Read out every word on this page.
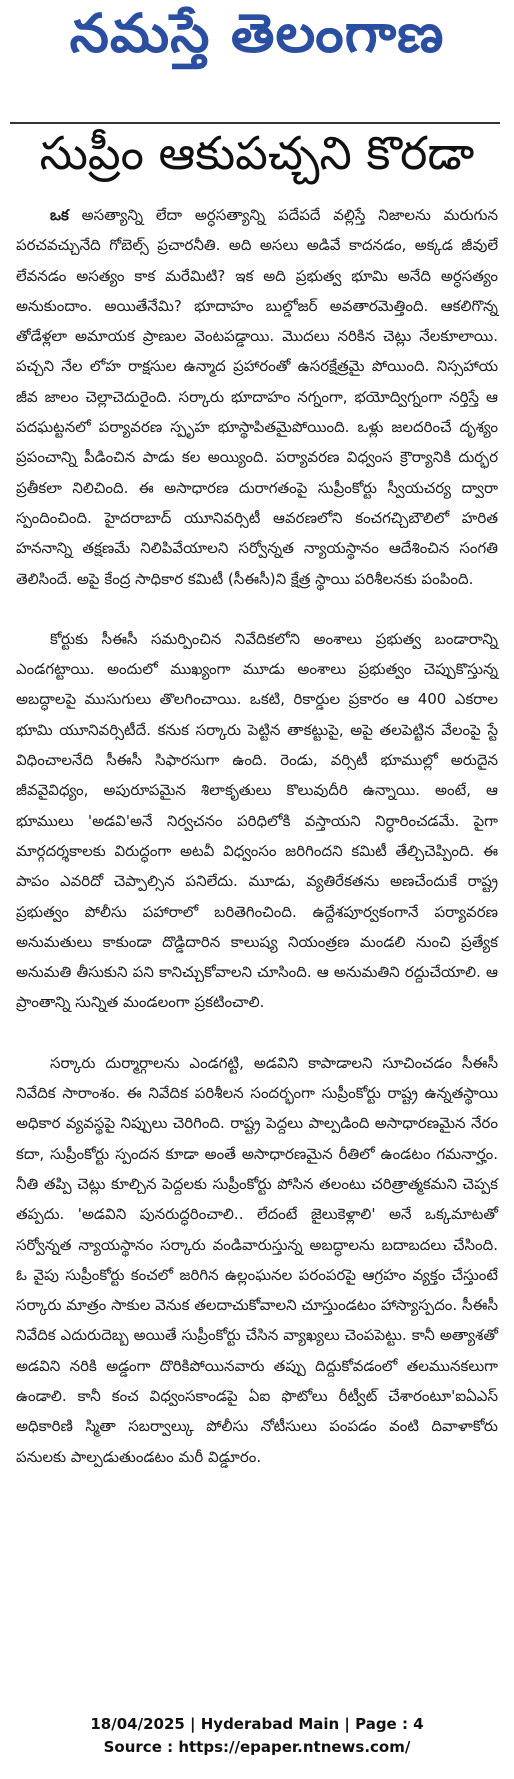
నమస్తే తెలంగాణ
సుప్రీం ఆకుపచ్చని కొరడా

ఒక అసత్యాన్ని లేదా అర్ధసత్యాన్ని పదేపదే వల్లిస్తే నిజాలను మరుగున పరచవచ్చునేది గోబెల్స్ ప్రచారనీతి. అది అసలు అడివే కాదనడం, అక్కడ జీవులే లేవనడం అసత్యం కాక మరేమిటి? ఇక అది ప్రభుత్వ భూమి అనేది అర్ధసత్యం అనుకుందాం. అయితేనేమి? భూదాహం బుల్డోజర్ అవతారమెత్తింది. ఆకలిగొన్న తోడేళ్లలా అమాయక ప్రాణుల వెంటపడ్డాయి. మొదలు నరికిన చెట్లు నేలకూలాయి. పచ్చని నేల లోహ రాక్షసుల ఉన్మాద ప్రహారంతో ఉసరక్షేత్రమై పోయింది. నిస్సహాయ జీవ జాలం చెల్లాచెదురైంది. సర్కారు భూదాహం నగ్నంగా, భయోద్విగ్నంగా నర్తిస్తే ఆ పదఘట్టనలో పర్యావరణ స్పృహ భూస్థాపితమైపోయింది. ఒళ్లు జలదరించే దృశ్యం ప్రపంచాన్ని పీడించిన పాడు కల అయ్యింది. పర్యావరణ విధ్వంస క్రౌర్యానికి దుర్భర ప్రతీకలా నిలిచింది. ఈ అసాధారణ దురాగతంపై సుప్రీంకోర్టు స్వీయచర్య ద్వారా స్పందించింది. హైదరాబాద్ యూనివర్సిటీ ఆవరణలోని కంచగచ్చిబౌలిలో హరిత హననాన్ని తక్షణమే నిలిపివేయాలని సర్వోన్నత న్యాయస్థానం ఆదేశించిన సంగతి తెలిసిందే. అపై కేంద్ర సాధికార కమిటీ (సీఈసీ)ని క్షేత్ర స్థాయి పరిశీలనకు పంపింది.

కోర్టుకు సీఈసీ సమర్పించిన నివేదికలోని అంశాలు ప్రభుత్వ బండారాన్ని ఎండగట్టాయి. అందులో ముఖ్యంగా మూడు అంశాలు ప్రభుత్వం చెప్పుకొస్తున్న అబద్ధాలపై ముసుగులు తొలగించాయి. ఒకటి, రికార్డుల ప్రకారం ఆ 400 ఎకరాల భూమి యూనివర్సిటీదే. కనుక సర్కారు పెట్టిన తాకట్టుపై, అపై తలపెట్టిన వేలంపై స్టే విధించాలనేది సీఈసీ సిఫారసుగా ఉంది. రెండు, వర్సిటీ భూముల్లో అరుదైన జీవవైవిధ్యం, అపురూపమైన శిలాకృతులు కొలువుదీరి ఉన్నాయి. అంటే, ఆ భూములు 'అడవి'అనే నిర్వచనం పరిధిలోకి వస్తాయని నిర్ధారించడమే. పైగా మార్గదర్శకాలకు విరుద్ధంగా అటవీ విధ్వంసం జరిగిందని కమిటీ తేల్చిచెప్పింది. ఈ పాపం ఎవరిదో చెప్పాల్సిన పనిలేదు. మూడు, వ్యతిరేకతను అణచేందుకే రాష్ట్ర ప్రభుత్వం పోలీసు పహారాలో బరితెగించింది. ఉద్దేశపూర్వకంగానే పర్యావరణ అనుమతులు కాకుండా దొడ్డిదారిన కాలుష్య నియంత్రణ మండలి నుంచి ప్రత్యేక అనుమతి తీసుకుని పని కానిచ్చుకోవాలని చూసింది. ఆ అనుమతిని రద్దుచేయాలి. ఆ ప్రాంతాన్ని సున్నిత మండలంగా ప్రకటించాలి.

సర్కారు దుర్మార్గాలను ఎండగట్టి, అడవిని కాపాడాలని సూచించడం సీఈసీ నివేదిక సారాంశం. ఈ నివేదిక పరిశీలన సందర్భంగా సుప్రీంకోర్టు రాష్ట్ర ఉన్నతస్థాయి అధికార వ్యవస్థపై నిప్పులు చెరిగింది. రాష్ట్ర పెద్దలు పాల్పడింది అసాధారణమైన నేరం కదా, సుప్రీంకోర్టు స్పందన కూడా అంతే అసాధారణమైన రీతిలో ఉండటం గమనార్హం. నీతి తప్పి చెట్లు కూల్చిన పెద్దలకు సుప్రీంకోర్టు పోసిన తలంటు చరిత్రాత్మకమని చెప్పక తప్పదు. 'అడవిని పునరుద్ధరించాలి.. లేదంటే జైలుకెళ్లాలి' అనే ఒక్కమాటతో సర్వోన్నత న్యాయస్థానం సర్కారు వండివారుస్తున్న అబద్ధాలను బదాబదలు చేసింది. ఓ వైపు సుప్రీంకోర్టు కంచలో జరిగిన ఉల్లంఘనల పరంపరపై ఆగ్రహం వ్యక్తం చేస్తుంటే సర్కారు మాత్రం సాకుల వెనుక తలదాచుకోవాలని చూస్తుండటం హాస్యాస్పదం. సీఈసీ నివేదిక ఎదురుదెబ్బ అయితే సుప్రీంకోర్టు చేసిన వ్యాఖ్యలు చెంపపెట్టు. కానీ అత్యాశతో అడవిని నరికి అడ్డంగా దొరికిపోయినవారు తప్పు దిద్దుకోవడంలో తలమునకలుగా ఉండాలి. కానీ కంచ విధ్వంసకాండపై ఏఐ ఫొటోలు రీట్వీట్ చేశారంటూ'ఐఏఎస్ అధికారిణి స్మితా సబర్వాల్కు పోలీసు నోటీసులు పంపడం వంటి దివాళాకోరు పనులకు పాల్పడుతుండటం మరీ విడ్డూరం.

18/04/2025 | Hyderabad Main | Page : 4
Source : https://epaper.ntnews.com/
